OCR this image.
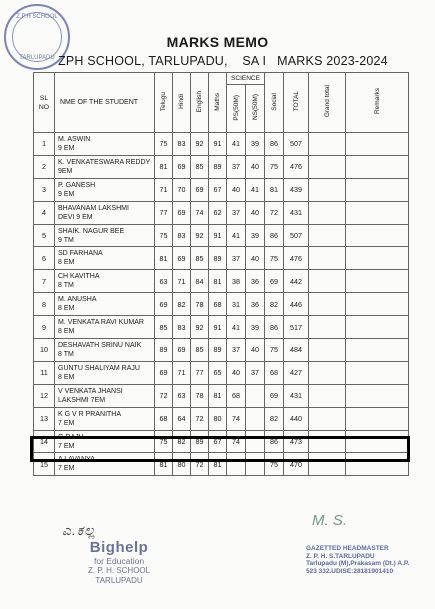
Z.P.H SCHOOL
TARLUPADU
MARKS MEMO
ZPH SCHOOL, TARLUPADU,    SA I   MARKS 2023-2024
SL
NO	NME OF THE STUDENT	Telugu	Hindi	English	Maths	SCIENCE		Social	TOTAL	Grand total	Remarks
						PS(50M)	NS(50M)				
1	M. ASWIN
9 EM	75	83	92	91	41	39	86	507		
2	K. VENKATESWARA REDDY
9EM	81	69	85	89	37	40	75	476		
3	P. GANESH
9 EM	71	70	69	67	40	41	81	439		
4	BHAVANAM LAKSHMI
DEVI 9 EM	77	69	74	62	37	40	72	431		
5	SHAIK. NAGUR BEE
9 TM	75	83	92	91	41	39	86	507		
6	SD FARHANA
8 EM	81	69	85	89	37	40	75	476		
7	CH KAVITHA
8 TM	63	71	84	81	38	36	69	442		
8	M. ANUSHA
8 EM	69	82	78	68	31	36	82	446		
9	M. VENKATA RAVI KUMAR
8 EM	85	83	92	91	41	39	86	517		
10	DESHAVATH SRINU NAIK
8 TM	89	69	85	89	37	40	75	484		
11	GUNTU SHALIYAM RAJU
8 EM	69	71	77	65	40	37	68	427		
12	V VENKATA JHANSI
LAKSHMI 7EM	72	63	78	81	68		69	431		
13	K G V R PRANITHA
7 EM	68	64	72	80	74		82	440		
14	G RAJU
7 EM	75	82	89	67	74		86	473		
15	A LAVANYA
7 EM	81	80	72	81			75	470		
ಎ.ಕಲ್ಲ
Bighelp
for Education
Z. P. H. SCHOOL
TARLUPADU
M. S.
GAZETTED HEADMASTER
Z. P. H. S.TARLUPADU
Tarlupadu (M),Prakasam (Dt.) A.P.
523 332.UDISE:28181901410
